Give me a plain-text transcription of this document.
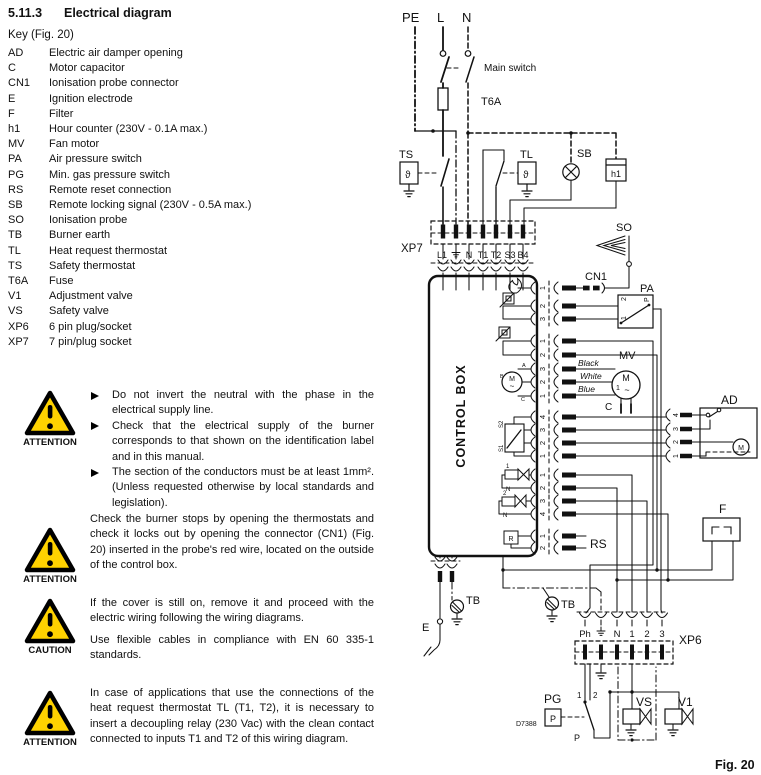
5.11.3 Electrical diagram
Key (Fig. 20)
AD	Electric air damper opening
C	Motor capacitor
CN1	Ionisation probe connector
E	Ignition electrode
F	Filter
h1	Hour counter (230V - 0.1A max.)
MV	Fan motor
PA	Air pressure switch
PG	Min. gas pressure switch
RS	Remote reset connection
SB	Remote locking signal (230V - 0.5A max.)
SO	Ionisation probe
TB	Burner earth
TL	Heat request thermostat
TS	Safety thermostat
T6A	Fuse
V1	Adjustment valve
VS	Safety valve
XP6	6 pin plug/socket
XP7	7 pin/plug socket
ATTENTION
Do not invert the neutral with the phase in the electrical supply line.
Check that the electrical supply of the burner corresponds to that shown on the identification label and in this manual.
The section of the conductors must be at least 1mm². (Unless requested otherwise by local standards and legislation).
ATTENTION
Check the burner stops by opening the thermostats and check it locks out by opening the connector (CN1) (Fig. 20) inserted in the probe's red wire, located on the outside of the control box.
CAUTION
If the cover is still on, remove it and proceed with the electric wiring following the wiring diagrams.
Use flexible cables in compliance with EN 60 335-1 standards.
ATTENTION
In case of applications that use the connections of the heat request thermostat TL (T1, T2), it is necessary to insert a decoupling relay (230 Vac) with the clean contact connected to inputs T1 and T2 of this wiring diagram.
PE L N
Main switch
T6A
TS
ϑ
TL
ϑ
SB
h1
XP7 L1 N T1 T2 S3 B4
CONTROL BOX
1
2
3
1
2
3
2
1
4
3
2
1
1
2
3
4
1
2
M
~
A
B
C
S2
S1
1
N
2
N
R
CN1
SO
PA
2
1
P
MV
Black
White
Blue
M
~
1
C
AD
4
3
2
1
M
F
RS
E
TB	TB
Ph N 1 2 3 XP6
1 2
PG
P
P
D7388
VS V1
Fig. 20
